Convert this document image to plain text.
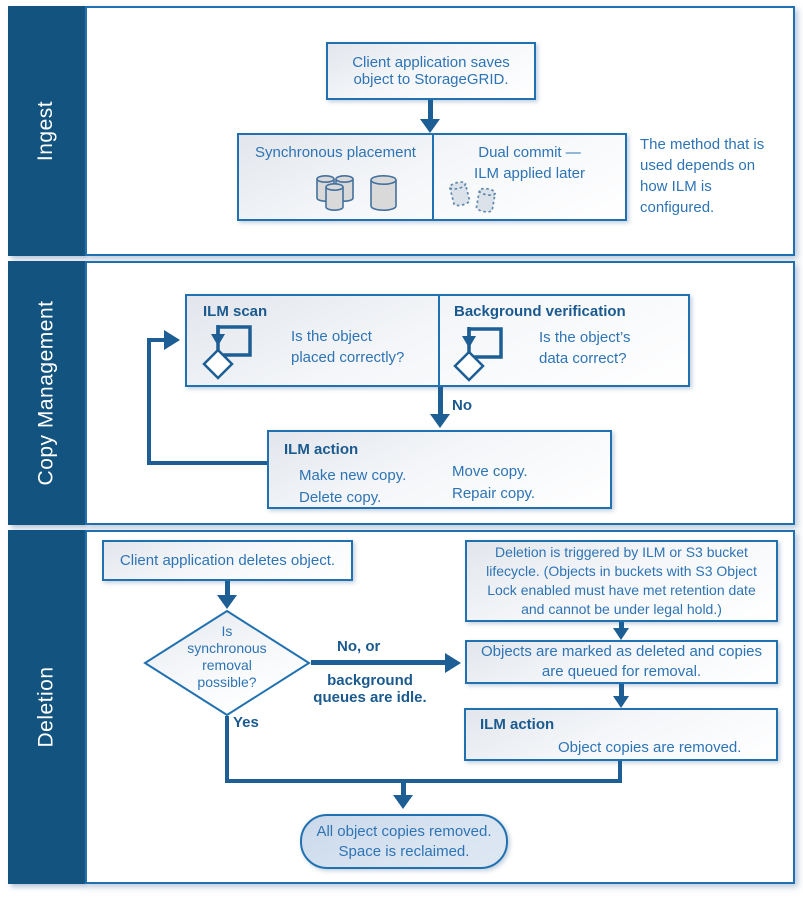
Ingest
Client application saves
object to StorageGRID.
Synchronous placement	Dual commit —
ILM applied later
The method that is
used depends on
how ILM is
configured.
Copy Management	ILM scan
Is the object
placed correctly?
Background verification
Is the object’s
data correct?
No
ILM action
Make new copy.
Delete copy.
Move copy.
Repair copy.
Deletion
Client application deletes object.
Is
synchronous
removal
possible?
No, or
background
queues are idle.
Yes
Deletion is triggered by ILM or S3 bucket
lifecycle. (Objects in buckets with S3 Object
Lock enabled must have met retention date
and cannot be under legal hold.)
Objects are marked as deleted and copies
are queued for removal.
ILM action
Object copies are removed.
All object copies removed.
Space is reclaimed.
